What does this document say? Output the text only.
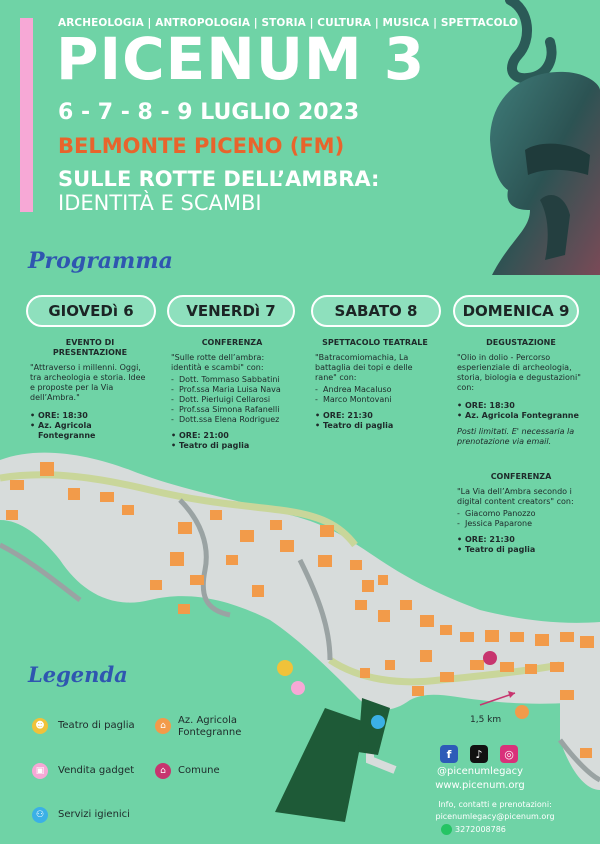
ARCHEOLOGIA | ANTROPOLOGIA | STORIA | CULTURA | MUSICA | SPETTACOLO
PICENUM 3
6 - 7 - 8 - 9 LUGLIO 2023
BELMONTE PICENO (FM)
SULLE ROTTE DELL’AMBRA:
IDENTITÀ E SCAMBI
Programma
GIOVEDì 6	VENERDì 7	SABATO 8	DOMENICA 9
EVENTO DI PRESENTAZIONE
"Attraverso i millenni. Oggi, tra archeologia e storia. Idee e proposte per la Via dell’Ambra."
• ORE: 18:30
• Az. Agricola Fontegranne
CONFERENZA
"Sulle rotte dell’ambra: identità e scambi" con:
- Dott. Tommaso Sabbatini
- Prof.ssa Maria Luisa Nava
- Dott. Pierluigi Cellarosi
- Prof.ssa Simona Rafanelli
- Dott.ssa Elena Rodriguez
• ORE: 21:00
• Teatro di paglia
SPETTACOLO TEATRALE
"Batracomiomachia, La battaglia dei topi e delle rane" con:
- Andrea Macaluso
- Marco Montovani
• ORE: 21:30
• Teatro di paglia
DEGUSTAZIONE
"Olio in dolio - Percorso esperienziale di archeologia, storia, biologia e degustazioni" con:
• ORE: 18:30
• Az. Agricola Fontegranne
Posti limitati. E' necessaria la prenotazione via email.
CONFERENZA
"La Via dell’Ambra secondo i digital content creators" con:
- Giacomo Panozzo
- Jessica Paparone
• ORE: 21:30
• Teatro di paglia
1,5 km
Legenda
☻	Teatro di paglia	⌂	Az. Agricola Fontegranne
▣	Vendita gadget	⌂	Comune
⚇	Servizi igienici
f	♪	◎
@picenumlegacy
www.picenum.org
Info, contatti e prenotazioni:
picenumlegacy@picenum.org
3272008786
